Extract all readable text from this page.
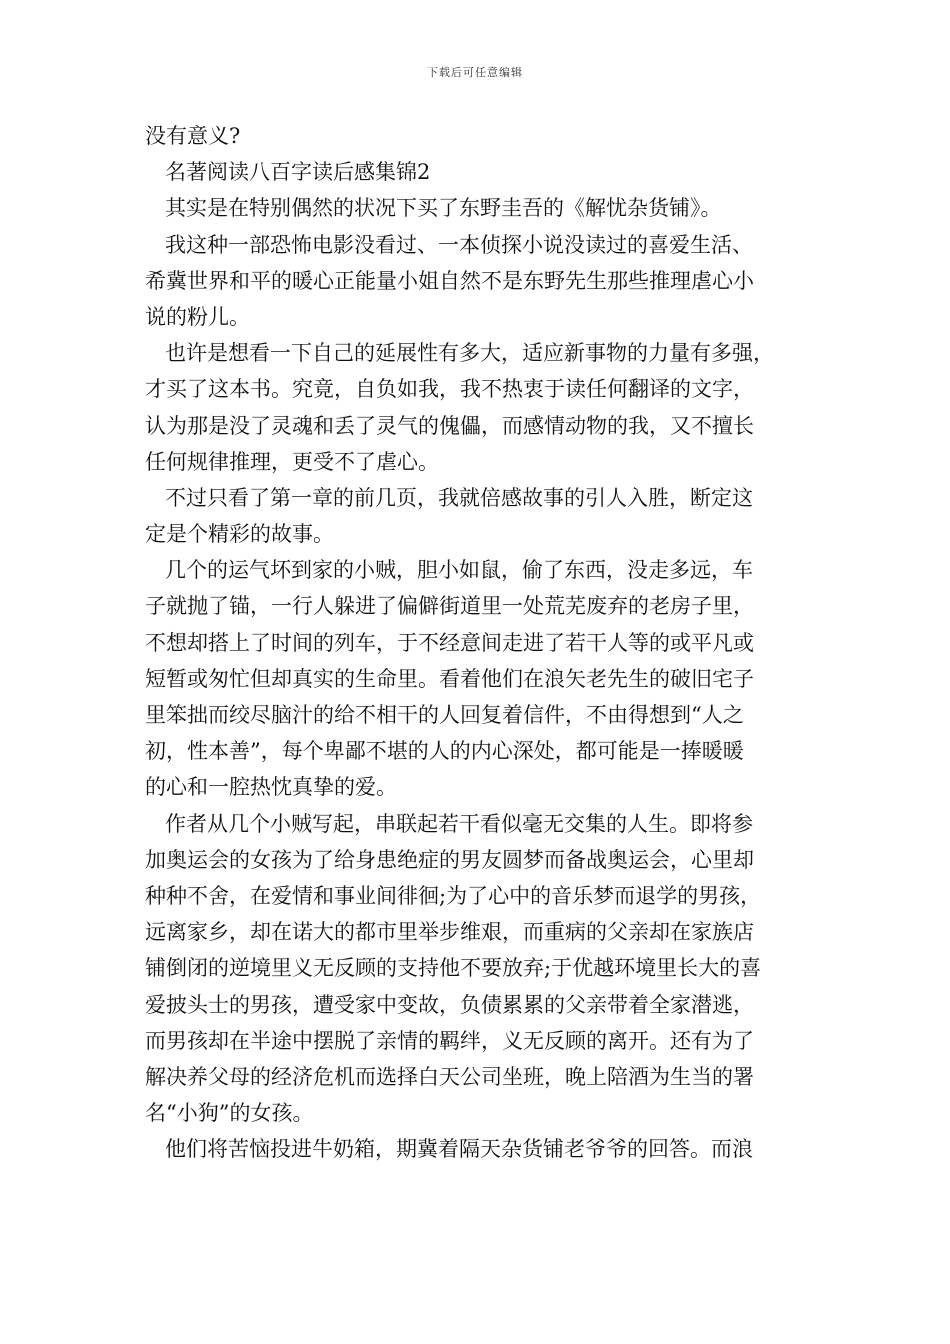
下载后可任意编辑
没有意义?
名著阅读八百字读后感集锦2
其实是在特别偶然的状况下买了东野圭吾的《解忧杂货铺》。
我这种一部恐怖电影没看过、一本侦探小说没读过的喜爱生活、
希冀世界和平的暖心正能量小姐自然不是东野先生那些推理虐心小
说的粉儿。
也许是想看一下自己的延展性有多大，适应新事物的力量有多强，
才买了这本书。究竟，自负如我，我不热衷于读任何翻译的文字，
认为那是没了灵魂和丢了灵气的傀儡，而感情动物的我，又不擅长
任何规律推理，更受不了虐心。
不过只看了第一章的前几页，我就倍感故事的引人入胜，断定这
定是个精彩的故事。
几个的运气坏到家的小贼，胆小如鼠，偷了东西，没走多远，车
子就抛了锚，一行人躲进了偏僻街道里一处荒芜废弃的老房子里，
不想却搭上了时间的列车，于不经意间走进了若干人等的或平凡或
短暂或匆忙但却真实的生命里。看着他们在浪矢老先生的破旧宅子
里笨拙而绞尽脑汁的给不相干的人回复着信件，不由得想到“人之
初，性本善”，每个卑鄙不堪的人的内心深处，都可能是一捧暖暖
的心和一腔热忱真挚的爱。
作者从几个小贼写起，串联起若干看似毫无交集的人生。即将参
加奥运会的女孩为了给身患绝症的男友圆梦而备战奥运会，心里却
种种不舍，在爱情和事业间徘徊;为了心中的音乐梦而退学的男孩，
远离家乡，却在诺大的都市里举步维艰，而重病的父亲却在家族店
铺倒闭的逆境里义无反顾的支持他不要放弃;于优越环境里长大的喜
爱披头士的男孩，遭受家中变故，负债累累的父亲带着全家潜逃，
而男孩却在半途中摆脱了亲情的羁绊，义无反顾的离开。还有为了
解决养父母的经济危机而选择白天公司坐班，晚上陪酒为生当的署
名“小狗”的女孩。
他们将苦恼投进牛奶箱，期冀着隔天杂货铺老爷爷的回答。而浪
